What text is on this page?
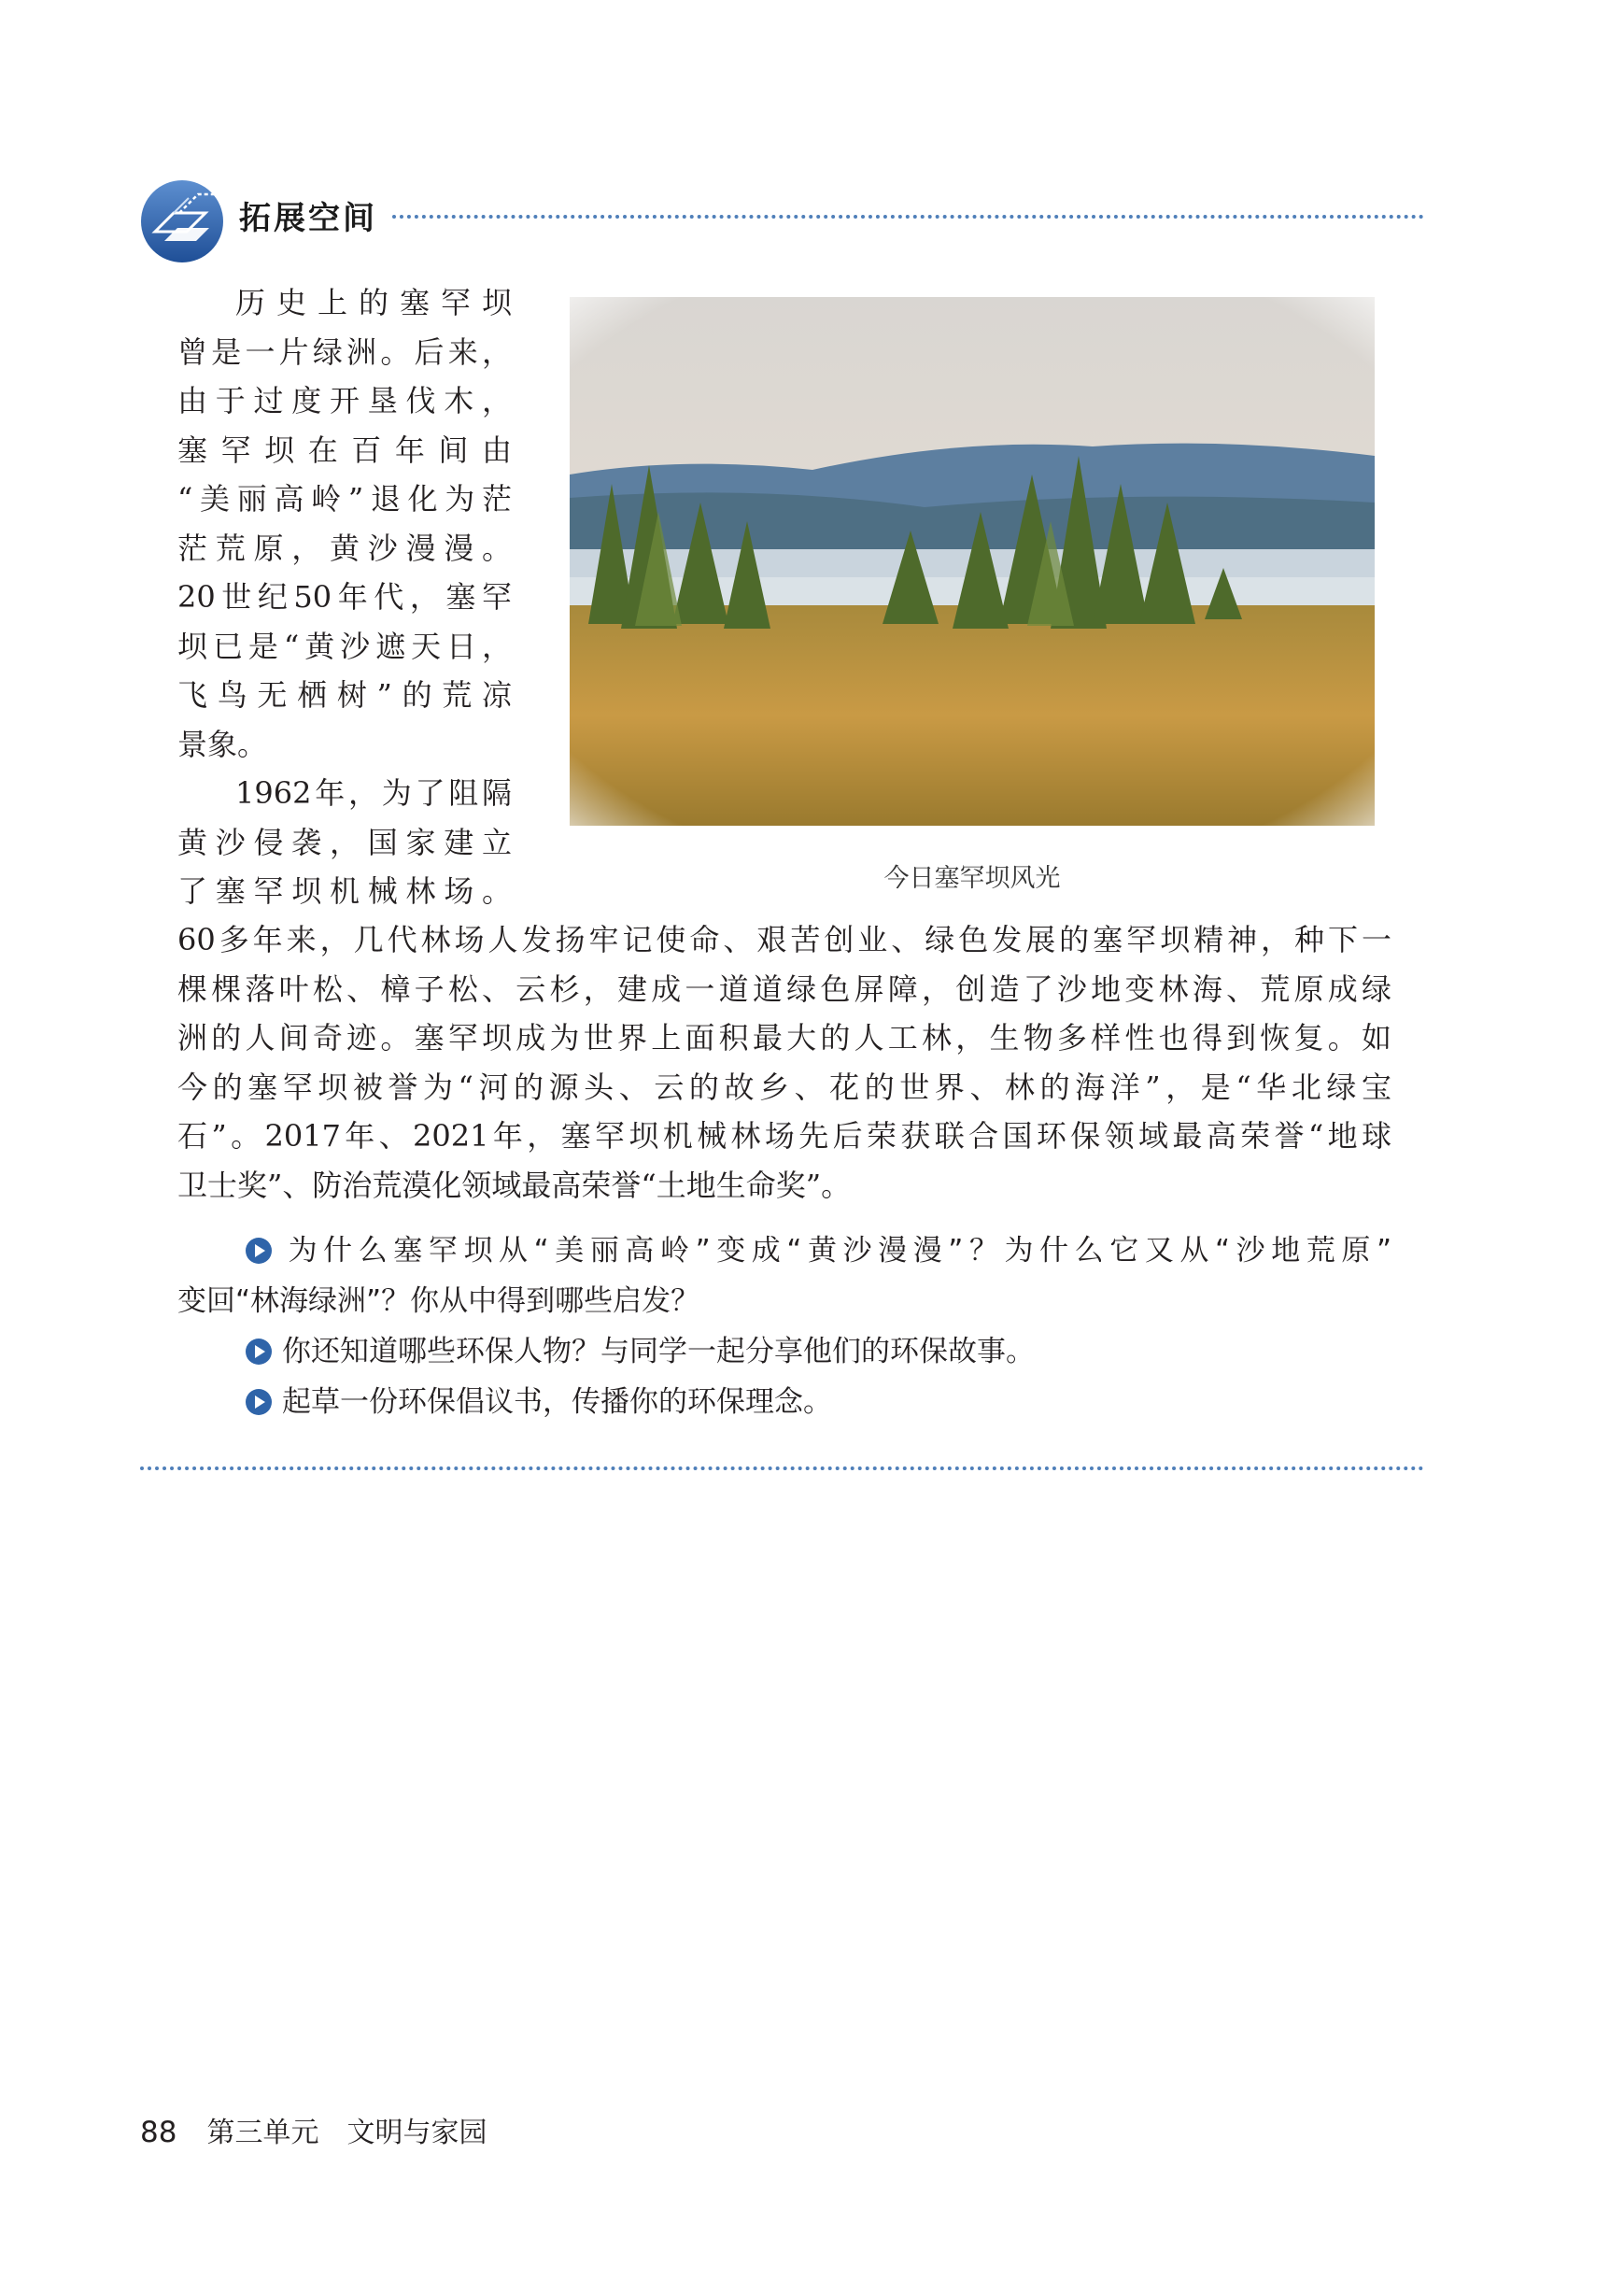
拓展空间
历史上的塞罕坝
曾是一片绿洲。后来，
由于过度开垦伐木，
塞罕坝在百年间由
“美丽高岭”退化为茫
茫荒原，黄沙漫漫。
20世纪50年代，塞罕
坝已是“黄沙遮天日，
飞鸟无栖树”的荒凉
景象。
1962年，为了阻隔
黄沙侵袭，国家建立
了塞罕坝机械林场。	今日塞罕坝风光
60多年来，几代林场人发扬牢记使命、艰苦创业、绿色发展的塞罕坝精神，种下一
棵棵落叶松、樟子松、云杉，建成一道道绿色屏障，创造了沙地变林海、荒原成绿
洲的人间奇迹。塞罕坝成为世界上面积最大的人工林，生物多样性也得到恢复。如
今的塞罕坝被誉为“河的源头、云的故乡、花的世界、林的海洋”，是“华北绿宝
石”。2017年、2021年，塞罕坝机械林场先后荣获联合国环保领域最高荣誉“地球
卫士奖”、防治荒漠化领域最高荣誉“土地生命奖”。
为什么塞罕坝从“美丽高岭”变成“黄沙漫漫”？为什么它又从“沙地荒原”
变回“林海绿洲”？你从中得到哪些启发？
你还知道哪些环保人物？与同学一起分享他们的环保故事。
起草一份环保倡议书，传播你的环保理念。
88 第三单元 文明与家园
